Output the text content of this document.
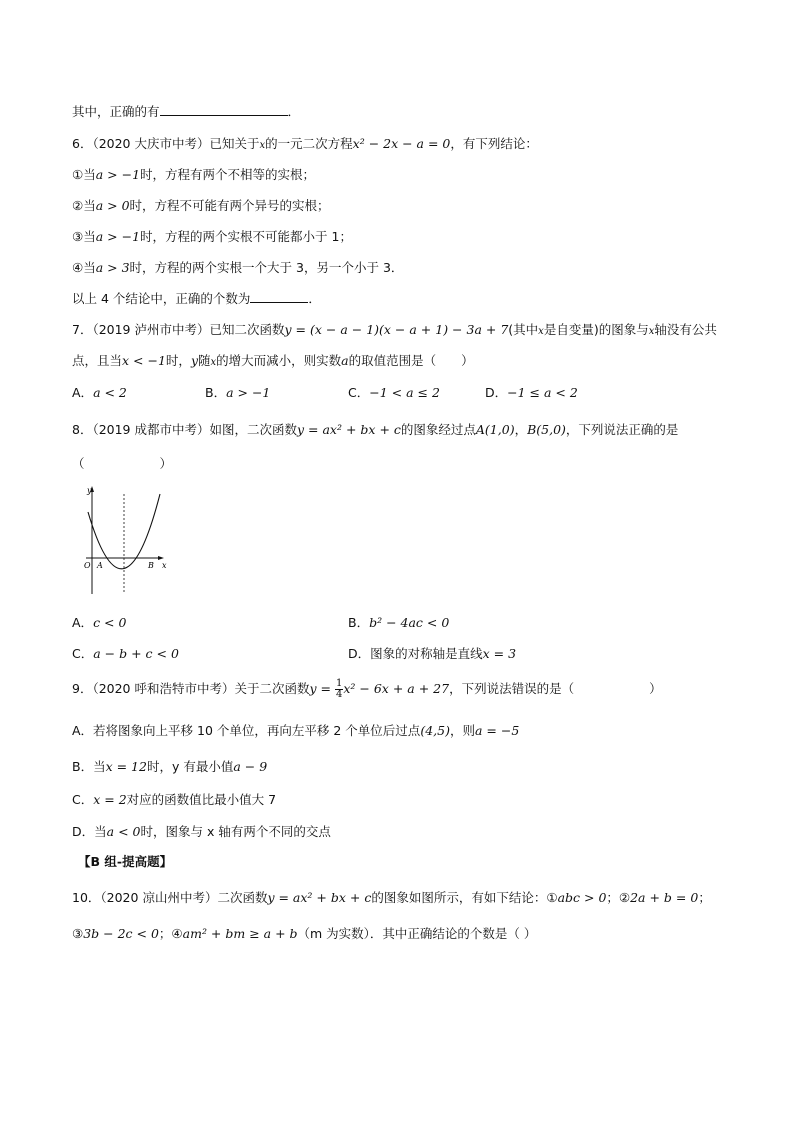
其中，正确的有	．
6．（2020 大庆市中考）已知关于x的一元二次方程x² − 2x − a = 0，有下列结论：
①当a > −1时，方程有两个不相等的实根；
②当a > 0时，方程不可能有两个异号的实根；
③当a > −1时，方程的两个实根不可能都小于 1；
④当a > 3时，方程的两个实根一个大于 3，另一个小于 3．
以上 4 个结论中，正确的个数为	．
7．（2019 泸州市中考）已知二次函数y = (x − a − 1)(x − a + 1) − 3a + 7(其中x是自变量)的图象与x轴没有公共
点，且当x < −1时，y随x的增大而减小，则实数a的取值范围是（　　）
A．a < 2	B．a > −1	C．−1 < a ≤ 2	D．−1 ≤ a < 2
8．（2019 成都市中考）如图，二次函数y = ax² + bx + c的图象经过点A(1,0)，B(5,0)，下列说法正确的是
（　　　　　　）
y
x
O A	B
A．c < 0	B．b² − 4ac < 0
C．a − b + c < 0	D．图象的对称轴是直线x = 3
9．（2020 呼和浩特市中考）关于二次函数$y = \frac{1}{4} x^2 - 6x + a + 27$，下列说法错误的是（　　　　　　）
A．若将图象向上平移 10 个单位，再向左平移 2 个单位后过点(4,5)，则a = −5
B．当x = 12时，y 有最小值a − 9
C．x = 2对应的函数值比最小值大 7
D．当a < 0时，图象与 x 轴有两个不同的交点
【B 组-提高题】
10．（2020 凉山州中考）二次函数y = ax² + bx + c的图象如图所示，有如下结论：①abc > 0；②2a + b = 0；
③3b − 2c < 0；④am² + bm ≥ a + b（m 为实数）．其中正确结论的个数是（ ）
